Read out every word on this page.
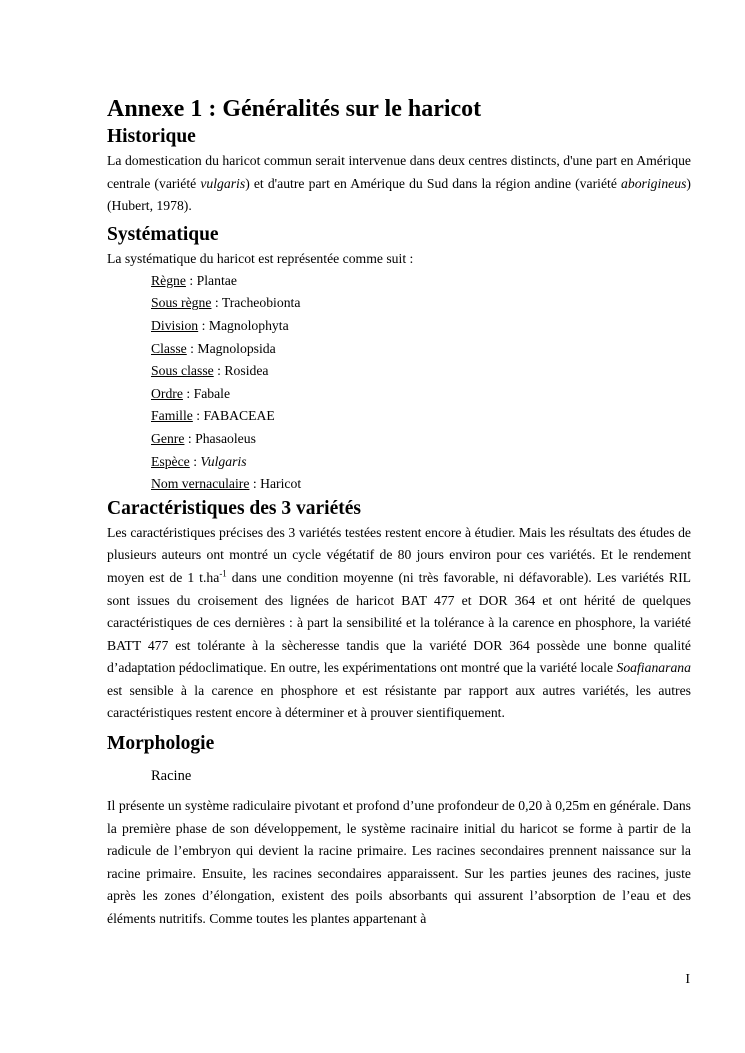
Annexe 1 : Généralités sur le haricot
Historique

La domestication du haricot commun serait intervenue dans deux centres distincts, d'une part en Amérique centrale (variété vulgaris) et d'autre part en Amérique du Sud dans la région andine (variété aborigineus) (Hubert, 1978).

Systématique

La systématique du haricot est représentée comme suit :

Règne : Plantae
Sous règne : Tracheobionta
Division : Magnolophyta
Classe : Magnolopsida
Sous classe : Rosidea
Ordre : Fabale
Famille : FABACEAE
Genre : Phasaoleus
Espèce : Vulgaris
Nom vernaculaire : Haricot
Caractéristiques des 3 variétés

Les caractéristiques précises des 3 variétés testées restent encore à étudier. Mais les résultats des études de plusieurs auteurs ont montré un cycle végétatif de 80 jours environ pour ces variétés. Et le rendement moyen est de 1 $t.ha^{-1}$ dans une condition moyenne (ni très favorable, ni défavorable). Les variétés RIL sont issues du croisement des lignées de haricot BAT 477 et DOR 364 et ont hérité de quelques caractéristiques de ces dernières : à part la sensibilité et la tolérance à la carence en phosphore, la variété BATT 477 est tolérante à la sècheresse tandis que la variété DOR 364 possède une bonne qualité d’adaptation pédoclimatique. En outre, les expérimentations ont montré que la variété locale Soafianarana est sensible à la carence en phosphore et est résistante par rapport aux autres variétés, les autres caractéristiques restent encore à déterminer et à prouver sientifiquement.

Morphologie
Racine

Il présente un système radiculaire pivotant et profond d’une profondeur de 0,20 à 0,25m en générale. Dans la première phase de son développement, le système racinaire initial du haricot se forme à partir de la radicule de l’embryon qui devient la racine primaire. Les racines secondaires prennent naissance sur la racine primaire. Ensuite, les racines secondaires apparaissent. Sur les parties jeunes des racines, juste après les zones d’élongation, existent des poils absorbants qui assurent l’absorption de l’eau et des éléments nutritifs. Comme toutes les plantes appartenant à

I
